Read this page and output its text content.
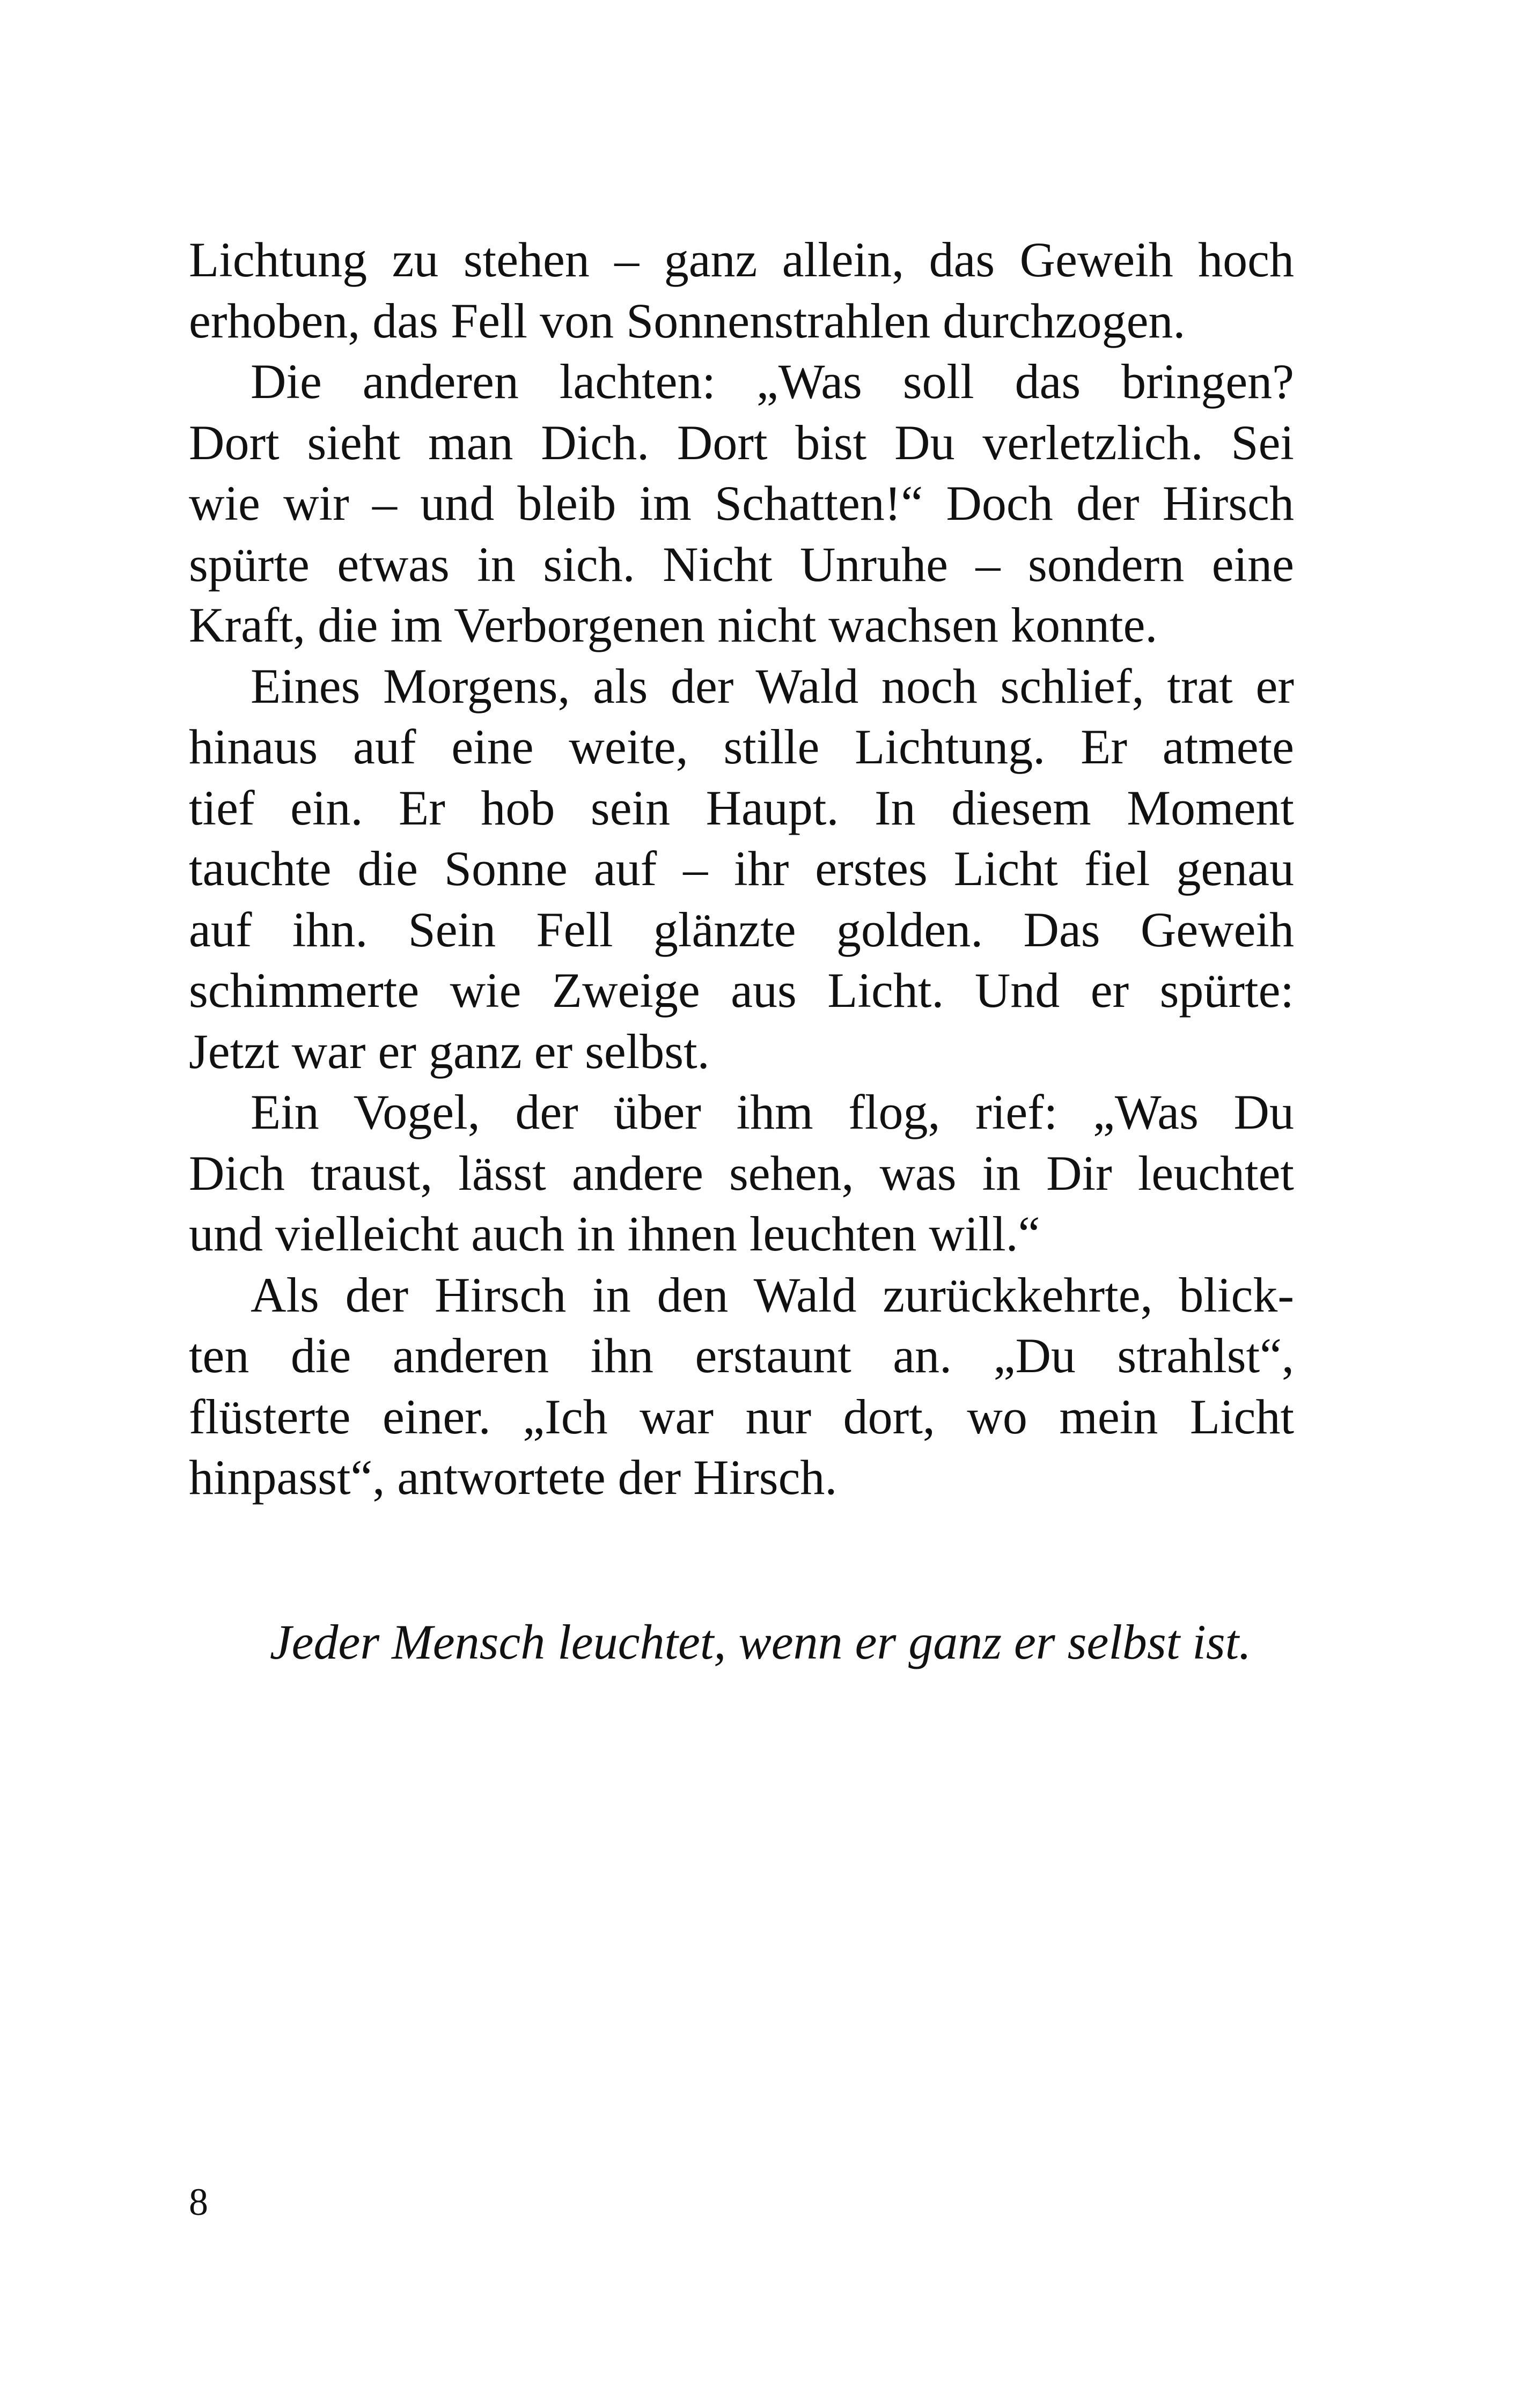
Lichtung zu stehen – ganz allein, das Geweih hoch
erhoben, das Fell von Sonnenstrahlen durchzogen.
Die anderen lachten: „Was soll das bringen?
Dort sieht man Dich. Dort bist Du verletzlich. Sei
wie wir – und bleib im Schatten!“ Doch der Hirsch
spürte etwas in sich. Nicht Unruhe – sondern eine
Kraft, die im Verborgenen nicht wachsen konnte.
Eines Morgens, als der Wald noch schlief, trat er
hinaus auf eine weite, stille Lichtung. Er atmete
tief ein. Er hob sein Haupt. In diesem Moment
tauchte die Sonne auf – ihr erstes Licht fiel genau
auf ihn. Sein Fell glänzte golden. Das Geweih
schimmerte wie Zweige aus Licht. Und er spürte:
Jetzt war er ganz er selbst.
Ein Vogel, der über ihm flog, rief: „Was Du
Dich traust, lässt andere sehen, was in Dir leuchtet
und vielleicht auch in ihnen leuchten will.“
Als der Hirsch in den Wald zurückkehrte, blick-
ten die anderen ihn erstaunt an. „Du strahlst“,
flüsterte einer. „Ich war nur dort, wo mein Licht
hinpasst“, antwortete der Hirsch.
Jeder Mensch leuchtet, wenn er ganz er selbst ist.
8
